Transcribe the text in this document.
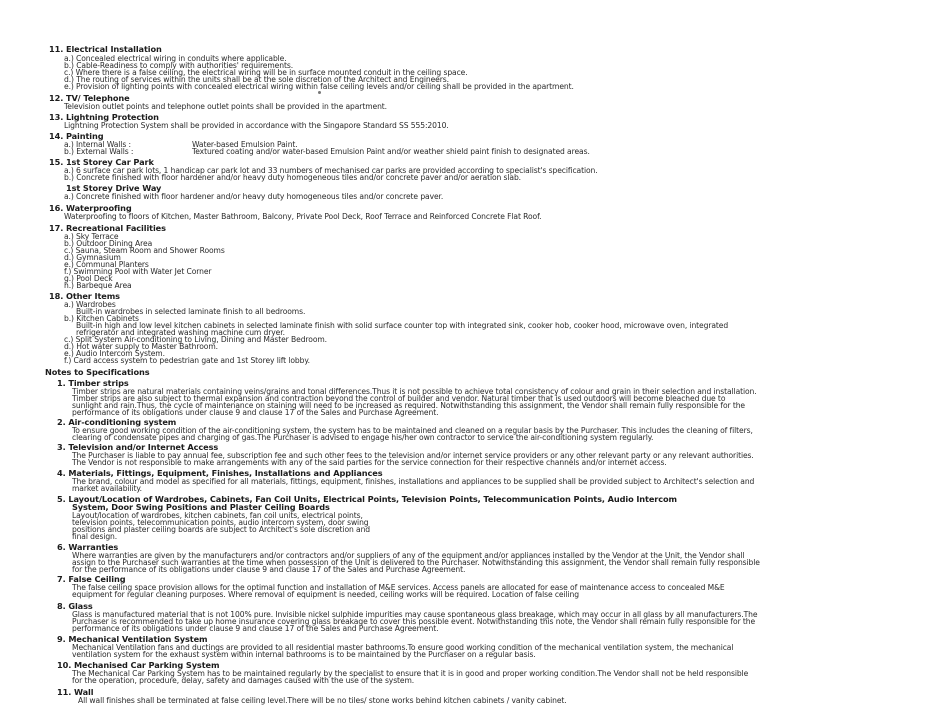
11. Electrical Installation
a.) Concealed electrical wiring in conduits where applicable.
b.) Cable-Readiness to comply with authorities' requirements.
c.) Where there is a false ceiling, the electrical wiring will be in surface mounted conduit in the ceiling space.
d.) The routing of services within the units shall be at the sole discretion of the Architect and Engineers.
e.) Provision of lighting points with concealed electrical wiring within false ceiling levels and/or ceiling shall be provided in the apartment.
12. TV/ Telephone
Television outlet points and telephone outlet points shall be provided in the apartment.
13. Lightning Protection
Lightning Protection System shall be provided in accordance with the Singapore Standard SS 555:2010.
14. Painting
a.) Internal Walls :	Water-based Emulsion Paint.
b.) External Walls :	Textured coating and/or water-based Emulsion Paint and/or weather shield paint finish to designated areas.
15. 1st Storey Car Park
a.) 6 surface car park lots, 1 handicap car park lot and 33 numbers of mechanised car parks are provided according to specialist's specification.
b.) Concrete finished with floor hardener and/or heavy duty homogeneous tiles and/or concrete paver and/or aeration slab.
1st Storey Drive Way
a.) Concrete finished with floor hardener and/or heavy duty homogeneous tiles and/or concrete paver.
16. Waterproofing
Waterproofing to floors of Kitchen, Master Bathroom, Balcony, Private Pool Deck, Roof Terrace and Reinforced Concrete Flat Roof.
17. Recreational Facilities
a.) Sky Terrace
b.) Outdoor Dining Area
c.) Sauna, Steam Room and Shower Rooms
d.) Gymnasium
e.) Communal Planters
f.) Swimming Pool with Water Jet Corner
g.) Pool Deck
h.) Barbeque Area
18. Other Items
a.) Wardrobes
Built-in wardrobes in selected laminate finish to all bedrooms.
b.) Kitchen Cabinets
Built-in high and low level kitchen cabinets in selected laminate finish with solid surface counter top with integrated sink, cooker hob, cooker hood, microwave oven, integrated
refrigerator and integrated washing machine cum dryer.
c.) Split System Air-conditioning to Living, Dining and Master Bedroom.
d.) Hot water supply to Master Bathroom.
e.) Audio Intercom System.
f.) Card access system to pedestrian gate and 1st Storey lift lobby.
Notes to Specifications
1. Timber strips
Timber strips are natural materials containing veins/grains and tonal differences.Thus it is not possible to achieve total consistency of colour and grain in their selection and installation.
Timber strips are also subject to thermal expansion and contraction beyond the control of builder and vendor. Natural timber that is used outdoors will become bleached due to
sunlight and rain.Thus, the cycle of maintenance on staining will need to be increased as required. Notwithstanding this assignment, the Vendor shall remain fully responsible for the
performance of its obligations under clause 9 and clause 17 of the Sales and Purchase Agreement.
2. Air-conditioning system
To ensure good working condition of the air-conditioning system, the system has to be maintained and cleaned on a regular basis by the Purchaser. This includes the cleaning of filters,
clearing of condensate pipes and charging of gas.The Purchaser is advised to engage his/her own contractor to service the air-conditioning system regularly.
3. Television and/or Internet Access
The Purchaser is liable to pay annual fee, subscription fee and such other fees to the television and/or internet service providers or any other relevant party or any relevant authorities.
The Vendor is not responsible to make arrangements with any of the said parties for the service connection for their respective channels and/or internet access.
4. Materials, Fittings, Equipment, Finishes, Installations and Appliances
The brand, colour and model as specified for all materials, fittings, equipment, finishes, installations and appliances to be supplied shall be provided subject to Architect's selection and
market availability.
5. Layout/Location of Wardrobes, Cabinets, Fan Coil Units, Electrical Points, Television Points, Telecommunication Points, Audio Intercom
System, Door Swing Positions and Plaster Ceiling Boards
Layout/location of wardrobes, kitchen cabinets, fan coil units, electrical points,
television points, telecommunication points, audio intercom system, door swing
positions and plaster ceiling boards are subject to Architect's sole discretion and
final design.
6. Warranties
Where warranties are given by the manufacturers and/or contractors and/or suppliers of any of the equipment and/or appliances installed by the Vendor at the Unit, the Vendor shall
assign to the Purchaser such warranties at the time when possession of the Unit is delivered to the Purchaser. Notwithstanding this assignment, the Vendor shall remain fully responsible
for the performance of its obligations under clause 9 and clause 17 of the Sales and Purchase Agreement.
7. False Ceiling
The false ceiling space provision allows for the optimal function and installation of M&E services. Access panels are allocated for ease of maintenance access to concealed M&E
equipment for regular cleaning purposes. Where removal of equipment is needed, ceiling works will be required. Location of false ceiling
8. Glass
Glass is manufactured material that is not 100% pure. Invisible nickel sulphide impurities may cause spontaneous glass breakage, which may occur in all glass by all manufacturers.The
Purchaser is recommended to take up home insurance covering glass breakage to cover this possible event. Notwithstanding this note, the Vendor shall remain fully responsible for the
performance of its obligations under clause 9 and clause 17 of the Sales and Purchase Agreement.
9. Mechanical Ventilation System
Mechanical Ventilation fans and ductings are provided to all residential master bathrooms.To ensure good working condition of the mechanical ventilation system, the mechanical
ventilation system for the exhaust system within internal bathrooms is to be maintained by the Purchaser on a regular basis.
10. Mechanised Car Parking System
The Mechanical Car Parking System has to be maintained regularly by the specialist to ensure that it is in good and proper working condition.The Vendor shall not be held responsible
for the operation, procedure, delay, safety and damages caused with the use of the system.
11. Wall
All wall finishes shall be terminated at false ceiling level.There will be no tiles/ stone works behind kitchen cabinets / vanity cabinet.
